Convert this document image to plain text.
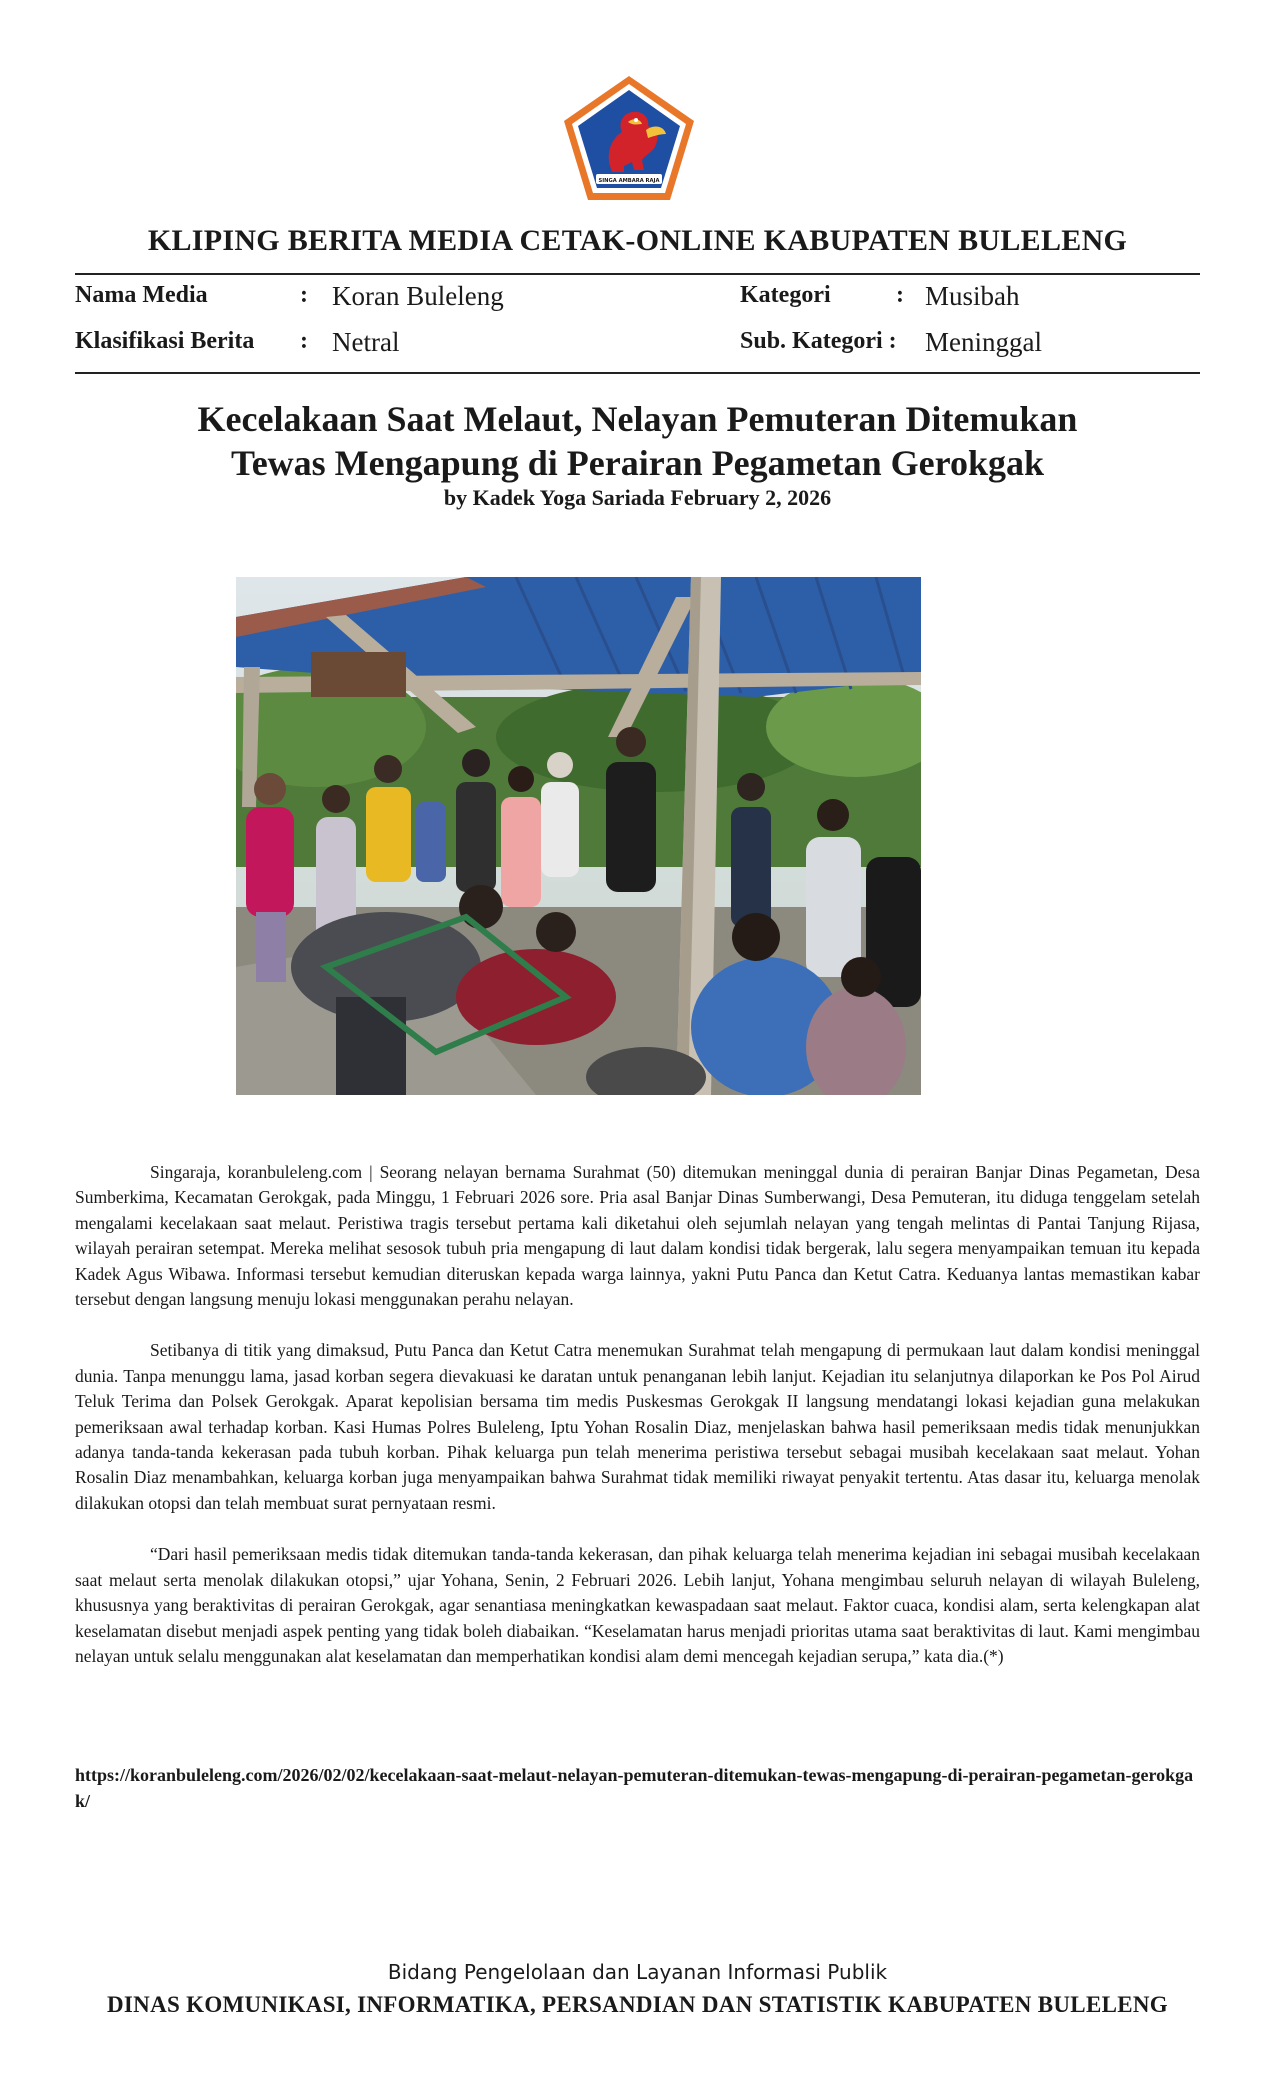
SINGA AMBARA RAJA
KLIPING BERITA MEDIA CETAK-ONLINE KABUPATEN BULELENG
Nama Media	: Koran Buleleng	Kategori	: Musibah
Klasifikasi Berita : Netral	Sub. Kategori : Meninggal
Kecelakaan Saat Melaut, Nelayan Pemuteran Ditemukan
Tewas Mengapung di Perairan Pegametan Gerokgak
by Kadek Yoga Sariada February 2, 2026

Singaraja, koranbuleleng.com | Seorang nelayan bernama Surahmat (50) ditemukan meninggal dunia di perairan Banjar Dinas Pegametan, Desa Sumberkima, Kecamatan Gerokgak, pada Minggu, 1 Februari 2026 sore. Pria asal Banjar Dinas Sumberwangi, Desa Pemuteran, itu diduga tenggelam setelah mengalami kecelakaan saat melaut. Peristiwa tragis tersebut pertama kali diketahui oleh sejumlah nelayan yang tengah melintas di Pantai Tanjung Rijasa, wilayah perairan setempat. Mereka melihat sesosok tubuh pria mengapung di laut dalam kondisi tidak bergerak, lalu segera menyampaikan temuan itu kepada Kadek Agus Wibawa. Informasi tersebut kemudian diteruskan kepada warga lainnya, yakni Putu Panca dan Ketut Catra. Keduanya lantas memastikan kabar tersebut dengan langsung menuju lokasi menggunakan perahu nelayan.

Setibanya di titik yang dimaksud, Putu Panca dan Ketut Catra menemukan Surahmat telah mengapung di permukaan laut dalam kondisi meninggal dunia. Tanpa menunggu lama, jasad korban segera dievakuasi ke daratan untuk penanganan lebih lanjut. Kejadian itu selanjutnya dilaporkan ke Pos Pol Airud Teluk Terima dan Polsek Gerokgak. Aparat kepolisian bersama tim medis Puskesmas Gerokgak II langsung mendatangi lokasi kejadian guna melakukan pemeriksaan awal terhadap korban. Kasi Humas Polres Buleleng, Iptu Yohan Rosalin Diaz, menjelaskan bahwa hasil pemeriksaan medis tidak menunjukkan adanya tanda-tanda kekerasan pada tubuh korban. Pihak keluarga pun telah menerima peristiwa tersebut sebagai musibah kecelakaan saat melaut. Yohan Rosalin Diaz menambahkan, keluarga korban juga menyampaikan bahwa Surahmat tidak memiliki riwayat penyakit tertentu. Atas dasar itu, keluarga menolak dilakukan otopsi dan telah membuat surat pernyataan resmi.

“Dari hasil pemeriksaan medis tidak ditemukan tanda-tanda kekerasan, dan pihak keluarga telah menerima kejadian ini sebagai musibah kecelakaan saat melaut serta menolak dilakukan otopsi,” ujar Yohana, Senin, 2 Februari 2026. Lebih lanjut, Yohana mengimbau seluruh nelayan di wilayah Buleleng, khususnya yang beraktivitas di perairan Gerokgak, agar senantiasa meningkatkan kewaspadaan saat melaut. Faktor cuaca, kondisi alam, serta kelengkapan alat keselamatan disebut menjadi aspek penting yang tidak boleh diabaikan. “Keselamatan harus menjadi prioritas utama saat beraktivitas di laut. Kami mengimbau nelayan untuk selalu menggunakan alat keselamatan dan memperhatikan kondisi alam demi mencegah kejadian serupa,” kata dia.(*)

https://koranbuleleng.com/2026/02/02/kecelakaan-saat-melaut-nelayan-pemuteran-ditemukan-tewas-mengapung-di-perairan-pegametan-gerokgak/
Bidang Pengelolaan dan Layanan Informasi Publik
DINAS KOMUNIKASI, INFORMATIKA, PERSANDIAN DAN STATISTIK KABUPATEN BULELENG
